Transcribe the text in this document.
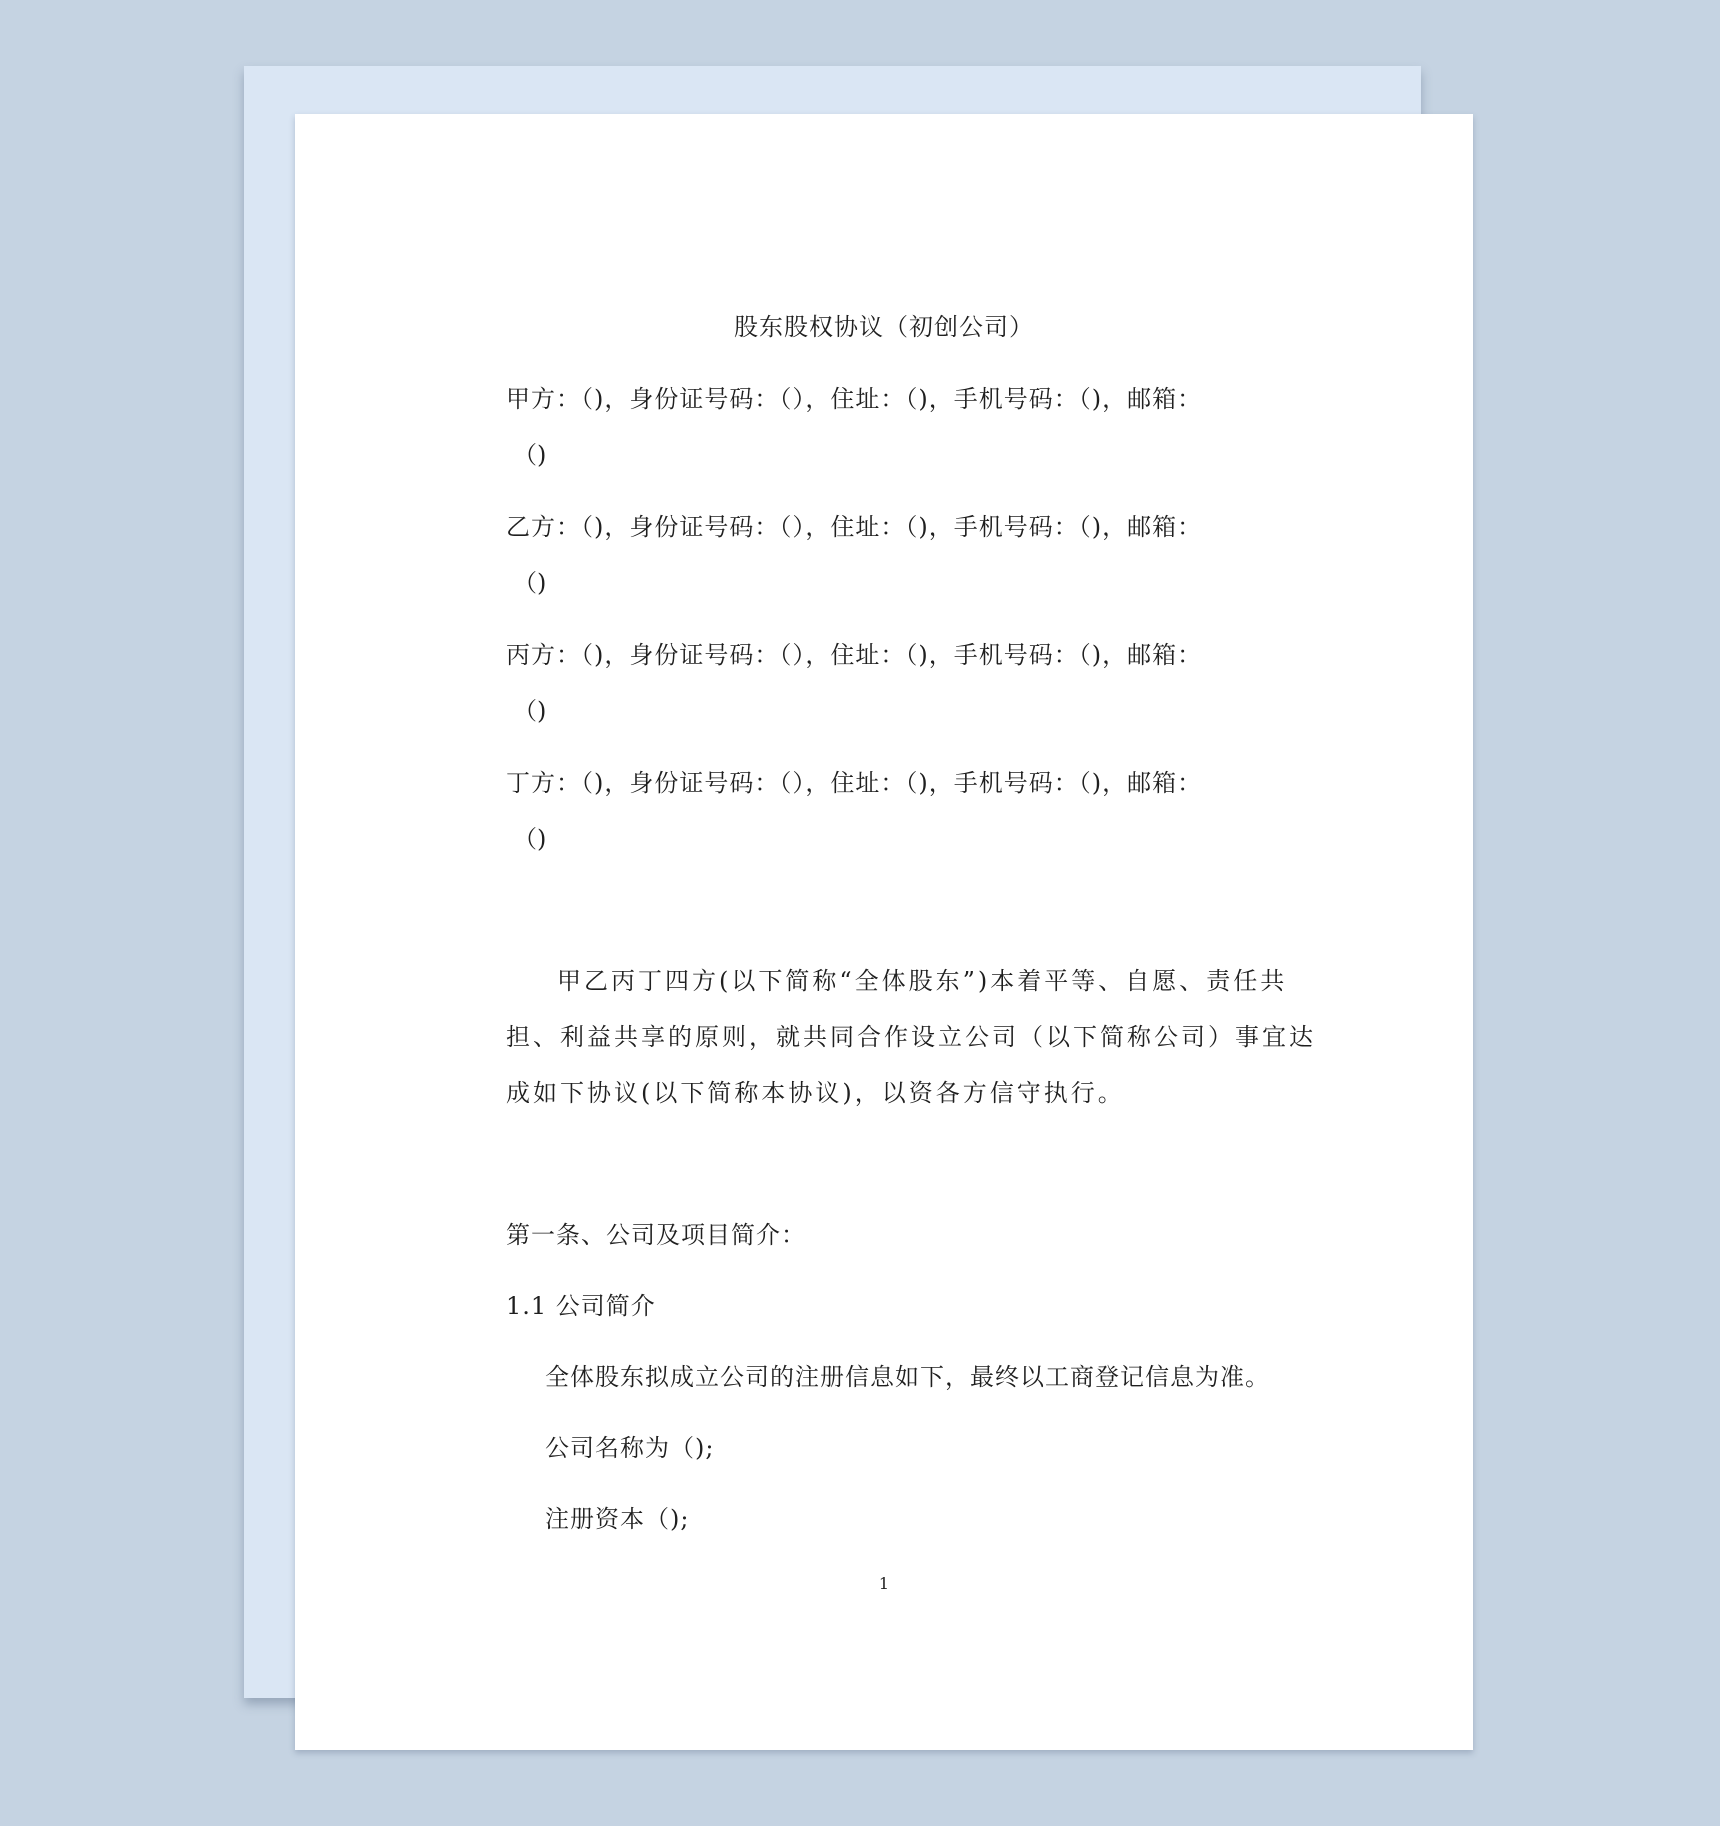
股东股权协议（初创公司）
甲方：（)，身份证号码：（），住址：（)，手机号码：（)，邮箱：
（)
乙方：（)，身份证号码：（），住址：（)，手机号码：（)，邮箱：
（)
丙方：（)，身份证号码：（），住址：（)，手机号码：（)，邮箱：
（)
丁方：（)，身份证号码：（），住址：（)，手机号码：（)，邮箱：
（)
甲乙丙丁四方(以下简称“全体股东”)本着平等、自愿、责任共
担、利益共享的原则，就共同合作设立公司（以下简称公司）事宜达
成如下协议(以下简称本协议)，以资各方信守执行。
第一条、公司及项目简介：
1.1 公司简介
全体股东拟成立公司的注册信息如下，最终以工商登记信息为准。
公司名称为（);
注册资本（);
1
